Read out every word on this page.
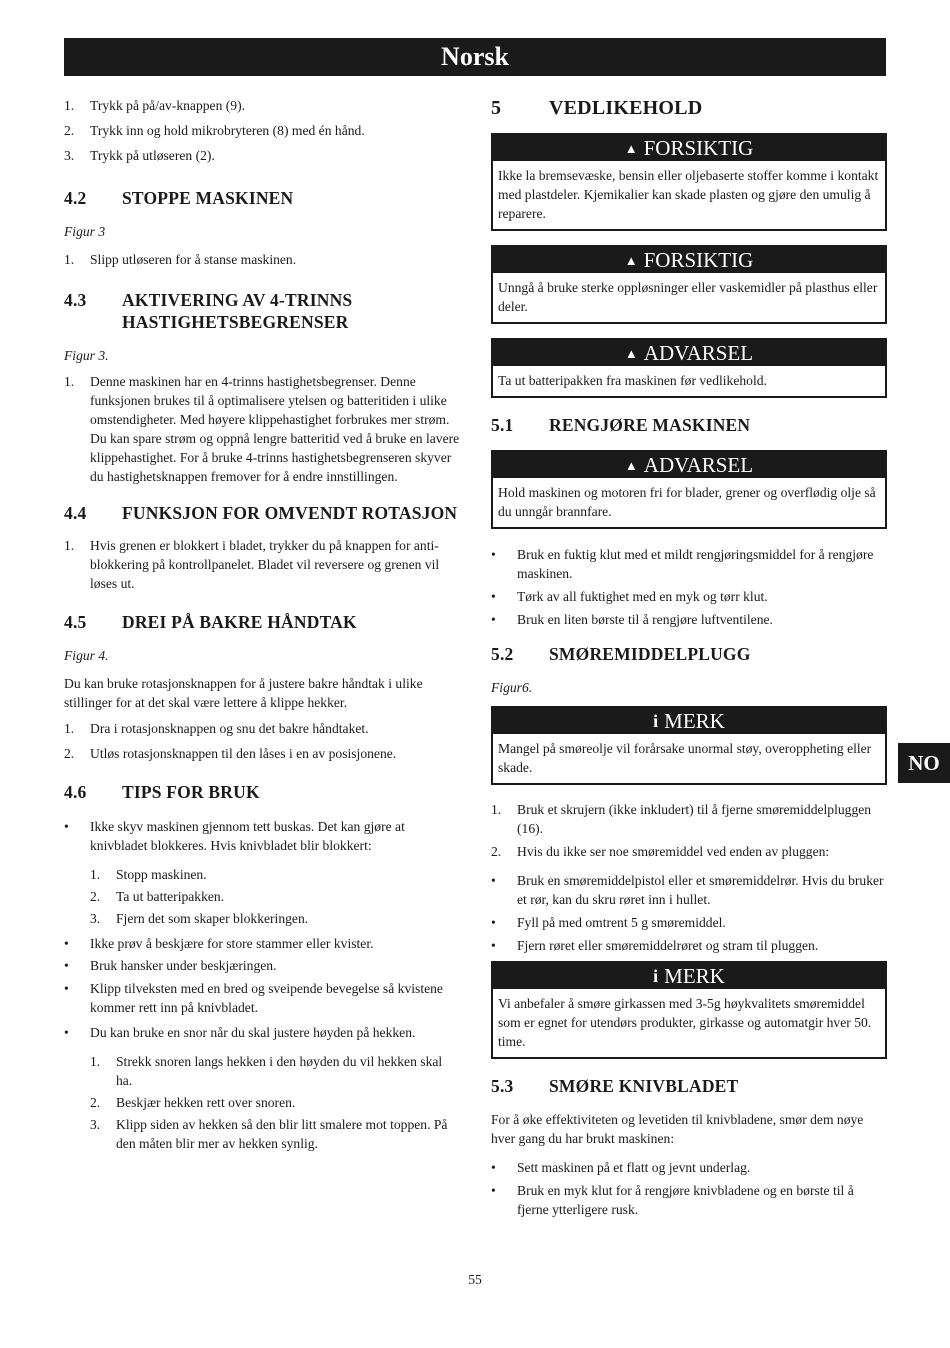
Norsk
1. Trykk på på/av-knappen (9).
2. Trykk inn og hold mikrobryteren (8) med én hånd.
3. Trykk på utløseren (2).
4.2 STOPPE MASKINEN
Figur 3
1. Slipp utløseren for å stanse maskinen.
4.3 AKTIVERING AV 4-TRINNS HASTIGHETSBEGRENSER
Figur 3.
1. Denne maskinen har en 4-trinns hastighetsbegrenser. Denne funksjonen brukes til å optimalisere ytelsen og batteritiden i ulike omstendigheter. Med høyere klippehastighet forbrukes mer strøm. Du kan spare strøm og oppnå lengre batteritid ved å bruke en lavere klippehastighet. For å bruke 4-trinns hastighetsbegrenseren skyver du hastighetsknappen fremover for å endre innstillingen.
4.4 FUNKSJON FOR OMVENDT ROTASJON
1. Hvis grenen er blokkert i bladet, trykker du på knappen for anti-blokkering på kontrollpanelet. Bladet vil reversere og grenen vil løses ut.
4.5 DREI PÅ BAKRE HÅNDTAK
Figur 4.
Du kan bruke rotasjonsknappen for å justere bakre håndtak i ulike stillinger for at det skal være lettere å klippe hekker.
1. Dra i rotasjonsknappen og snu det bakre håndtaket.
2. Utløs rotasjonsknappen til den låses i en av posisjonene.
4.6 TIPS FOR BRUK
• Ikke skyv maskinen gjennom tett buskas. Det kan gjøre at knivbladet blokkeres. Hvis knivbladet blir blokkert:
1. Stopp maskinen.
2. Ta ut batteripakken.
3. Fjern det som skaper blokkeringen.
• Ikke prøv å beskjære for store stammer eller kvister.
• Bruk hansker under beskjæringen.
• Klipp tilveksten med en bred og sveipende bevegelse så kvistene kommer rett inn på knivbladet.
• Du kan bruke en snor når du skal justere høyden på hekken.
1. Strekk snoren langs hekken i den høyden du vil hekken skal ha.
2. Beskjær hekken rett over snoren.
3. Klipp siden av hekken så den blir litt smalere mot toppen. På den måten blir mer av hekken synlig.
5 VEDLIKEHOLD
▲ FORSIKTIG
Ikke la bremsevæske, bensin eller oljebaserte stoffer komme i kontakt med plastdeler. Kjemikalier kan skade plasten og gjøre den umulig å reparere.
▲ FORSIKTIG
Unngå å bruke sterke oppløsninger eller vaskemidler på plasthus eller deler.
▲ ADVARSEL
Ta ut batteripakken fra maskinen før vedlikehold.
5.1 RENGJØRE MASKINEN
▲ ADVARSEL
Hold maskinen og motoren fri for blader, grener og overflødig olje så du unngår brannfare.
• Bruk en fuktig klut med et mildt rengjøringsmiddel for å rengjøre maskinen.
• Tørk av all fuktighet med en myk og tørr klut.
• Bruk en liten børste til å rengjøre luftventilene.
5.2 SMØREMIDDELPLUGG
Figur6.
i MERK
Mangel på smøreolje vil forårsake unormal støy, overoppheting eller skade.
1. Bruk et skrujern (ikke inkludert) til å fjerne smøremiddelpluggen (16).
2. Hvis du ikke ser noe smøremiddel ved enden av pluggen:
• Bruk en smøremiddelpistol eller et smøremiddelrør. Hvis du bruker et rør, kan du skru røret inn i hullet.
• Fyll på med omtrent 5 g smøremiddel.
• Fjern røret eller smøremiddelrøret og stram til pluggen.
i MERK
Vi anbefaler å smøre girkassen med 3-5g høykvalitets smøremiddel som er egnet for utendørs produkter, girkasse og automatgir hver 50. time.
5.3 SMØRE KNIVBLADET
For å øke effektiviteten og levetiden til knivbladene, smør dem nøye hver gang du har brukt maskinen:
• Sett maskinen på et flatt og jevnt underlag.
• Bruk en myk klut for å rengjøre knivbladene og en børste til å fjerne ytterligere rusk.
NO
55
